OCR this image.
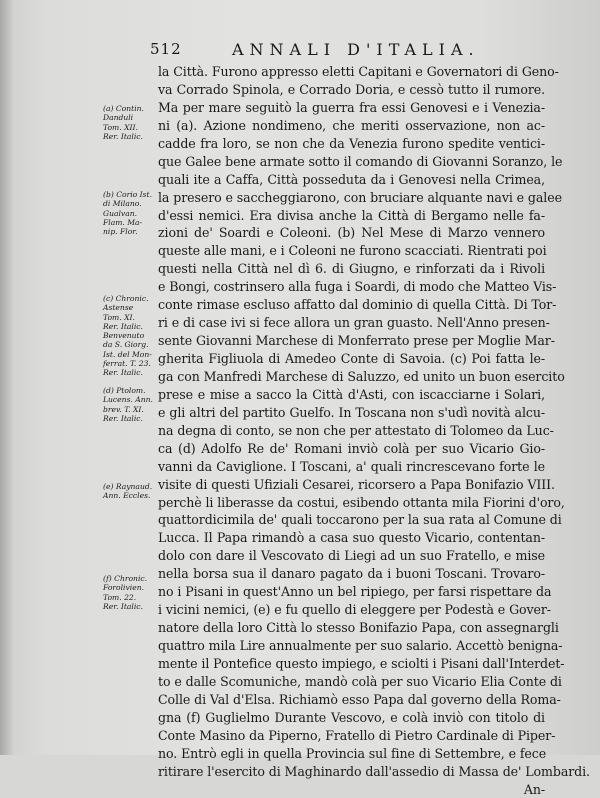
512	ANNALI D'ITALIA.
(a) Contin.
Danduli
Tom. XII.
Rer. Italic.
(b) Corio Ist.
di Milano.
Gualvan.
Flam. Ma-
nip. Flor.
(c) Chronic.
Astense
Tom. XI.
Rer. Italic.
Benvenuto
da S. Giorg.
Ist. del Mon-
ferrat. T. 23.
Rer. Italic.
(d) Ptolom.
Lucens. Ann.
brev. T. XI.
Rer. Italic.
(e) Raynaud.
Ann. Eccles.
(f) Chronic.
Forolivien.
Tom. 22.
Rer. Italic.
la Città. Furono appresso eletti Capitani e Governatori di Geno-
va Corrado Spinola, e Corrado Doria, e cessò tutto il rumore.
Ma per mare seguitò la guerra fra essi Genovesi e i Venezia-
ni (a). Azione nondimeno, che meriti osservazione, non ac-
cadde fra loro, se non che da Venezia furono spedite ventici-
que Galee bene armate sotto il comando di Giovanni Soranzo, le
quali ite a Caffa, Città posseduta da i Genovesi nella Crimea,
la presero e saccheggiarono, con bruciare alquante navi e galee
d'essi nemici. Era divisa anche la Città di Bergamo nelle fa-
zioni de' Soardi e Coleoni. (b) Nel Mese di Marzo vennero
queste alle mani, e i Coleoni ne furono scacciati. Rientrati poi
questi nella Città nel dì 6. di Giugno, e rinforzati da i Rivoli
e Bongi, costrinsero alla fuga i Soardi, di modo che Matteo Vis-
conte rimase escluso affatto dal dominio di quella Città. Di Tor-
ri e di case ivi si fece allora un gran guasto. Nell'Anno presen-
sente Giovanni Marchese di Monferrato prese per Moglie Mar-
gherita Figliuola di Amedeo Conte di Savoia. (c) Poi fatta le-
ga con Manfredi Marchese di Saluzzo, ed unito un buon esercito
prese e mise a sacco la Città d'Asti, con iscacciarne i Solari,
e gli altri del partito Guelfo. In Toscana non s'udì novità alcu-
na degna di conto, se non che per attestato di Tolomeo da Luc-
ca (d) Adolfo Re de' Romani inviò colà per suo Vicario Gio-
vanni da Caviglione. I Toscani, a' quali rincrescevano forte le
visite di questi Ufiziali Cesarei, ricorsero a Papa Bonifazio VIII.
perchè li liberasse da costui, esibendo ottanta mila Fiorini d'oro,
quattordicimila de' quali toccarono per la sua rata al Comune di
Lucca. Il Papa rimandò a casa suo questo Vicario, contentan-
dolo con dare il Vescovato di Liegi ad un suo Fratello, e mise
nella borsa sua il danaro pagato da i buoni Toscani. Trovaro-
no i Pisani in quest'Anno un bel ripiego, per farsi rispettare da
i vicini nemici, (e) e fu quello di eleggere per Podestà e Gover-
natore della loro Città lo stesso Bonifazio Papa, con assegnargli
quattro mila Lire annualmente per suo salario. Accettò benigna-
mente il Pontefice questo impiego, e sciolti i Pisani dall'Interdet-
to e dalle Scomuniche, mandò colà per suo Vicario Elia Conte di
Colle di Val d'Elsa. Richiamò esso Papa dal governo della Roma-
gna (f) Guglielmo Durante Vescovo, e colà inviò con titolo di
Conte Masino da Piperno, Fratello di Pietro Cardinale di Piper-
no. Entrò egli in quella Provincia sul fine di Settembre, e fece
ritirare l'esercito di Maghinardo dall'assedio di Massa de' Lombardi.
An-
